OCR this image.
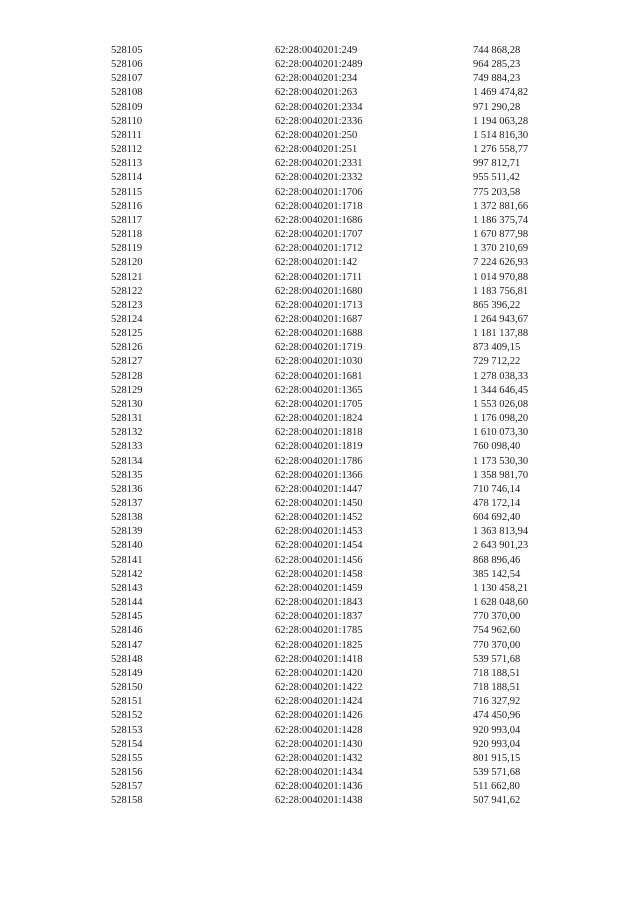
528105	62:28:0040201:249	744 868,28
528106	62:28:0040201:2489	964 285,23
528107	62:28:0040201:234	749 884,23
528108	62:28:0040201:263	1 469 474,82
528109	62:28:0040201:2334	971 290,28
528110	62:28:0040201:2336	1 194 063,28
528111	62:28:0040201:250	1 514 816,30
528112	62:28:0040201:251	1 276 558,77
528113	62:28:0040201:2331	997 812,71
528114	62:28:0040201:2332	955 511,42
528115	62:28:0040201:1706	775 203,58
528116	62:28:0040201:1718	1 372 881,66
528117	62:28:0040201:1686	1 186 375,74
528118	62:28:0040201:1707	1 670 877,98
528119	62:28:0040201:1712	1 370 210,69
528120	62:28:0040201:142	7 224 626,93
528121	62:28:0040201:1711	1 014 970,88
528122	62:28:0040201:1680	1 183 756,81
528123	62:28:0040201:1713	865 396,22
528124	62:28:0040201:1687	1 264 943,67
528125	62:28:0040201:1688	1 181 137,88
528126	62:28:0040201:1719	873 409,15
528127	62:28:0040201:1030	729 712,22
528128	62:28:0040201:1681	1 278 038,33
528129	62:28:0040201:1365	1 344 646,45
528130	62:28:0040201:1705	1 553 026,08
528131	62:28:0040201:1824	1 176 098,20
528132	62:28:0040201:1818	1 610 073,30
528133	62:28:0040201:1819	760 098,40
528134	62:28:0040201:1786	1 173 530,30
528135	62:28:0040201:1366	1 358 981,70
528136	62:28:0040201:1447	710 746,14
528137	62:28:0040201:1450	478 172,14
528138	62:28:0040201:1452	604 692,40
528139	62:28:0040201:1453	1 363 813,94
528140	62:28:0040201:1454	2 643 901,23
528141	62:28:0040201:1456	868 896,46
528142	62:28:0040201:1458	385 142,54
528143	62:28:0040201:1459	1 130 458,21
528144	62:28:0040201:1843	1 628 048,60
528145	62:28:0040201:1837	770 370,00
528146	62:28:0040201:1785	754 962,60
528147	62:28:0040201:1825	770 370,00
528148	62:28:0040201:1418	539 571,68
528149	62:28:0040201:1420	718 188,51
528150	62:28:0040201:1422	718 188,51
528151	62:28:0040201:1424	716 327,92
528152	62:28:0040201:1426	474 450,96
528153	62:28:0040201:1428	920 993,04
528154	62:28:0040201:1430	920 993,04
528155	62:28:0040201:1432	801 915,15
528156	62:28:0040201:1434	539 571,68
528157	62:28:0040201:1436	511 662,80
528158	62:28:0040201:1438	507 941,62
